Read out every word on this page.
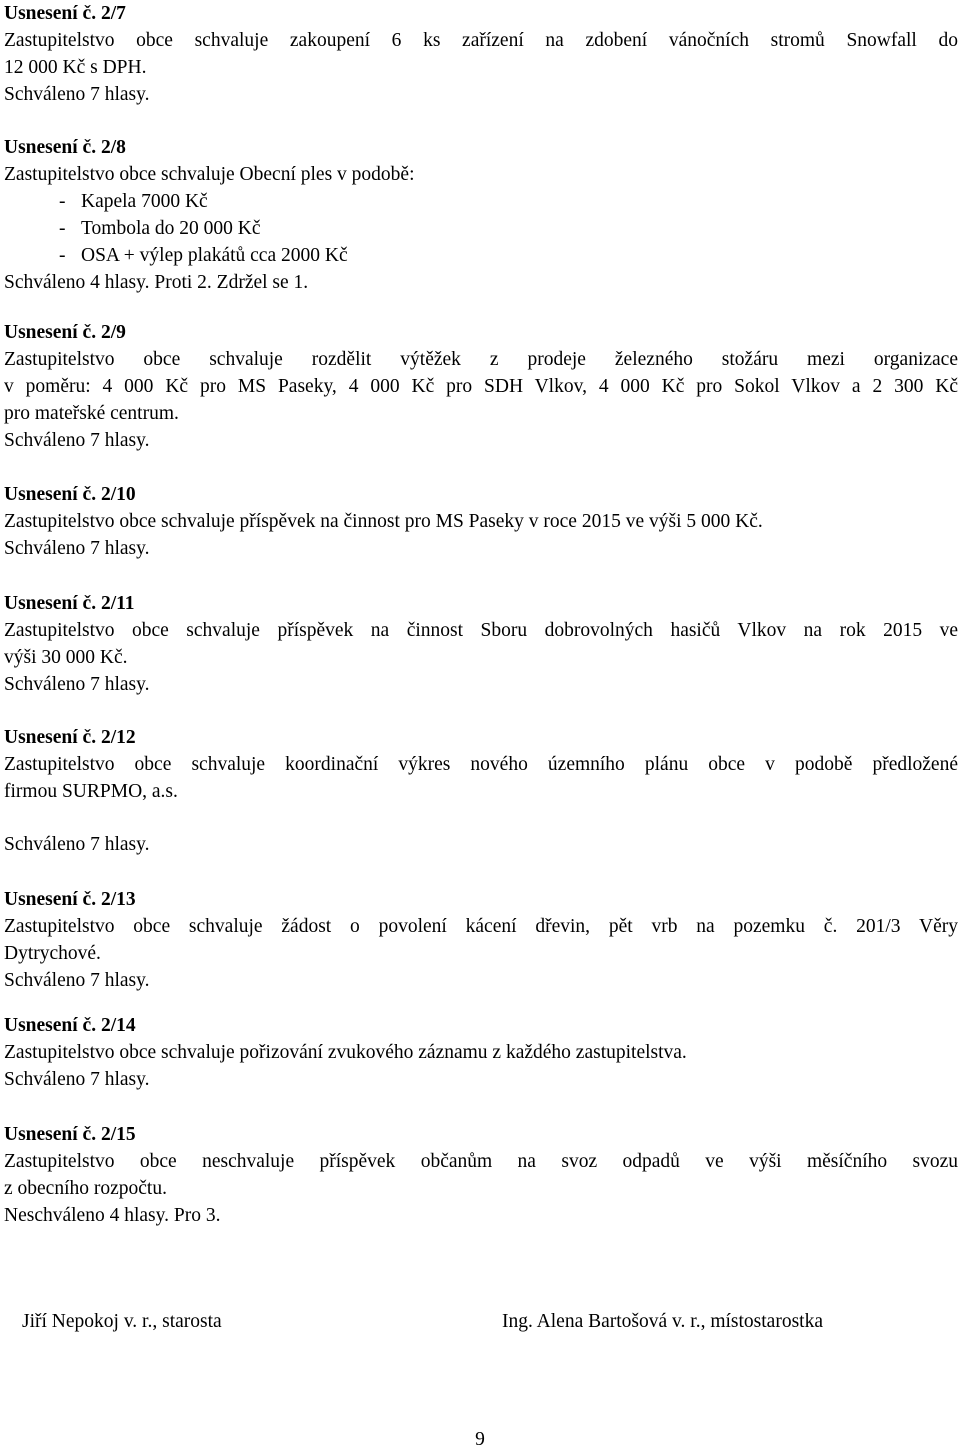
Usnesení č. 2/7
Zastupitelstvo obce schvaluje zakoupení 6 ks zařízení na zdobení vánočních stromů Snowfall do
12 000 Kč s DPH.
Schváleno 7 hlasy.
Usnesení č. 2/8
Zastupitelstvo obce schvaluje Obecní ples v podobě:
- Kapela 7000 Kč
- Tombola do 20 000 Kč
- OSA + výlep plakátů cca 2000 Kč
Schváleno 4 hlasy. Proti 2. Zdržel se 1.
Usnesení č. 2/9
Zastupitelstvo obce schvaluje rozdělit výtěžek z prodeje železného stožáru mezi organizace
v poměru: 4 000 Kč pro MS Paseky, 4 000 Kč pro SDH Vlkov, 4 000 Kč pro Sokol Vlkov a 2 300 Kč
pro mateřské centrum.
Schváleno 7 hlasy.
Usnesení č. 2/10
Zastupitelstvo obce schvaluje příspěvek na činnost pro MS Paseky v roce 2015 ve výši 5 000 Kč.
Schváleno 7 hlasy.
Usnesení č. 2/11
Zastupitelstvo obce schvaluje příspěvek na činnost Sboru dobrovolných hasičů Vlkov na rok 2015 ve
výši 30 000 Kč.
Schváleno 7 hlasy.
Usnesení č. 2/12
Zastupitelstvo obce schvaluje koordinační výkres nového územního plánu obce v podobě předložené
firmou SURPMO, a.s.
Schváleno 7 hlasy.
Usnesení č. 2/13
Zastupitelstvo obce schvaluje žádost o povolení kácení dřevin, pět vrb na pozemku č. 201/3 Věry
Dytrychové.
Schváleno 7 hlasy.
Usnesení č. 2/14
Zastupitelstvo obce schvaluje pořizování zvukového záznamu z každého zastupitelstva.
Schváleno 7 hlasy.
Usnesení č. 2/15
Zastupitelstvo obce neschvaluje příspěvek občanům na svoz odpadů ve výši měsíčního svozu
z obecního rozpočtu.
Neschváleno 4 hlasy. Pro 3.
Jiří Nepokoj v. r., starosta	Ing. Alena Bartošová v. r., místostarostka
9
